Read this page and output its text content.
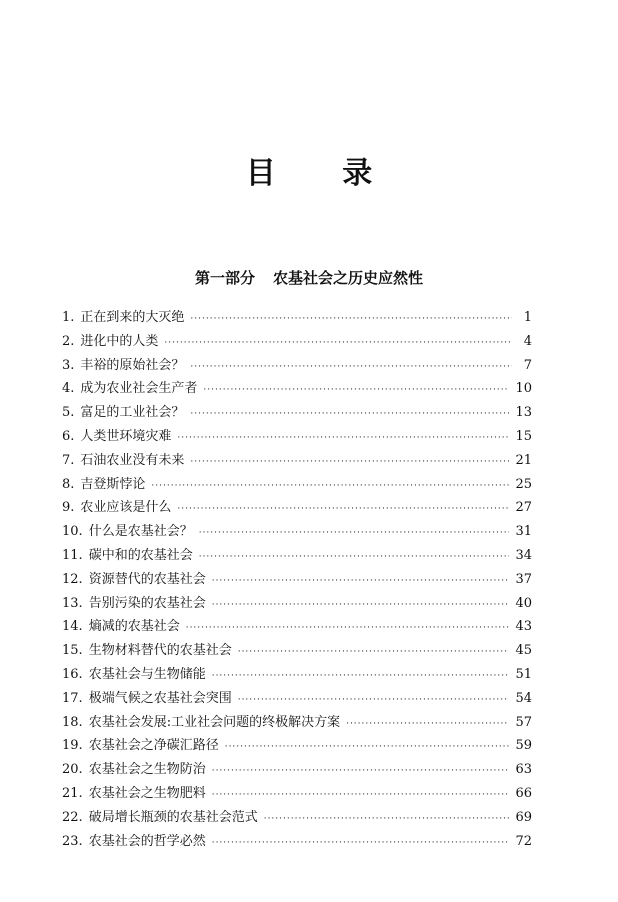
目 录
第一部分 农基社会之历史应然性
1. 正在到来的大灭绝 ·····	1
2. 进化中的人类 ·····	4
3. 丰裕的原始社会？ ·····	7
4. 成为农业社会生产者 ·····	10
5. 富足的工业社会？ ·····	13
6. 人类世环境灾难 ·····	15
7. 石油农业没有未来 ·····	21
8. 吉登斯悖论 ·····	25
9. 农业应该是什么 ·····	27
10. 什么是农基社会？ ·····	31
11. 碳中和的农基社会 ·····	34
12. 资源替代的农基社会 ·····	37
13. 告别污染的农基社会 ·····	40
14. 熵减的农基社会 ·····	43
15. 生物材料替代的农基社会 ·····	45
16. 农基社会与生物储能 ·····	51
17. 极端气候之农基社会突围 ·····	54
18. 农基社会发展:工业社会问题的终极解决方案 ·····	57
19. 农基社会之净碳汇路径 ·····	59
20. 农基社会之生物防治 ·····	63
21. 农基社会之生物肥料 ·····	66
22. 破局增长瓶颈的农基社会范式 ·····	69
23. 农基社会的哲学必然 ·····	72
